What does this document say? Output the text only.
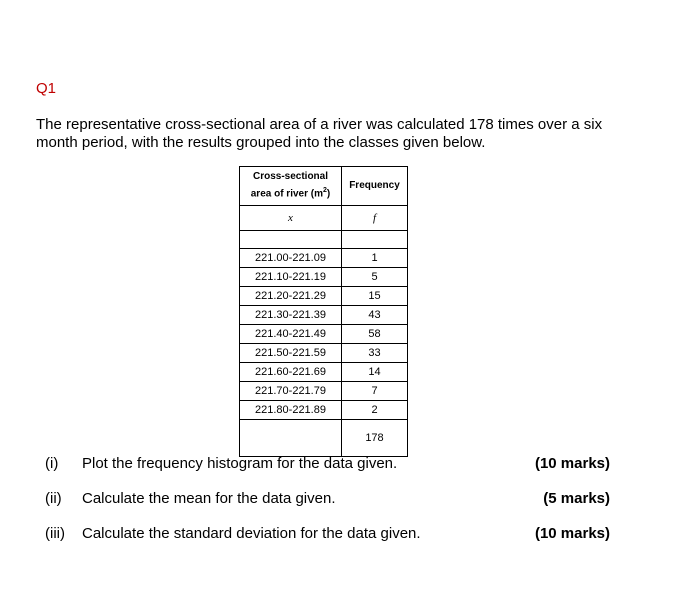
Q1
The representative cross-sectional area of a river was calculated 178 times over a six month period, with the results grouped into the classes given below.
Cross-sectional
area of river $(m^2)$	Frequency
x	f

221.00-221.09	1
221.10-221.19	5
221.20-221.29	15
221.30-221.39	43
221.40-221.49	58
221.50-221.59	33
221.60-221.69	14
221.70-221.79	7
221.80-221.89	2
	178
(i) Plot the frequency histogram for the data given.	(10 marks)
(ii) Calculate the mean for the data given.	(5 marks)
(iii) Calculate the standard deviation for the data given.	(10 marks)
